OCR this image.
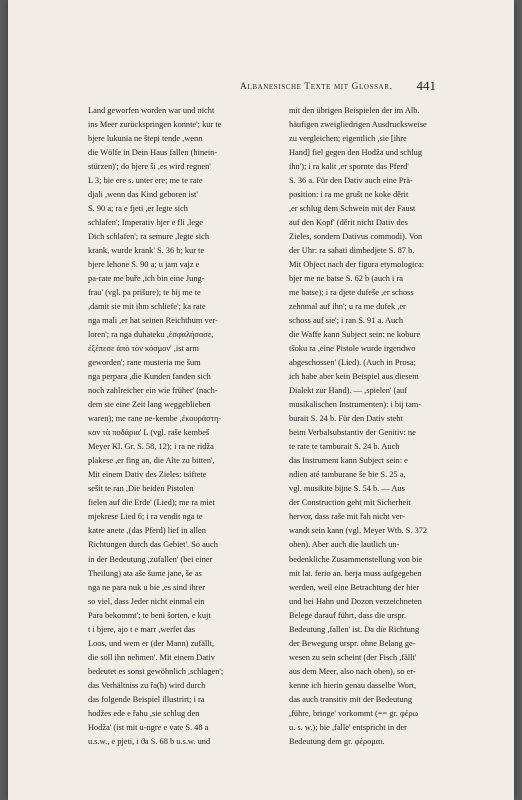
Albanesische Texte mit Glossar.	441
Land geworfen worden war und nicht
ins Meer zurückspringen konnte'; kur te
bjere lukunia ne štepi tende ,wenn
die Wölfe in Dein Haus fallen (hinein-
stürzen)'; do bjere ši ,es wird regnen'
L 3; bie ere s. unter ere; me te rate
djali ,wenn das Kind geboren ist'
S. 90 a; ra e fjeti ,er legte sich
schlafen'; Imperativ bjer e fli ,lege
Dich schlafen'; ra semure ,legte sich
krank, wurde krank' S. 36 b; kur te
bjere lehone S. 90 a; u jam vajz e
pa-rate me buře ,ich bin eine Jung-
frau' (vgl. pa prišure); te bij me te
,damit sie mit ihm schliefe'; ka rate
nga mali ,er hat seinen Reichthum ver-
loren'; ra nga duhateku ,ἐσφαλήσασε,
ἐξέπεσε ἀπὸ τὸν κόσμον' ,ist arm
geworden'; rane musteria me šum
nga perpara ,die Kunden fanden sich
noch zahlreicher ein wie früher' (nach-
dem sie eine Zeit lang weggeblieben
waren); me rane ne-kembe ,ἐκουράστη-
καν τὰ ποδάρια' L (vgl. raše kembeš
Meyer Kl. Gr. S. 58, 12); i ra ne ridža
plakese ,er fing an, die Alte zu bitten',
Mit einem Dativ des Zieles: tsiftete
sešit te ran ,Die beiden Pistolen
fielen auf die Erde' (Lied); me ra miet
mjekrese Lied 6; i ra vendit nga te
katre anete ,(das Pferd) lief in allen
Richtungen durch das Gebiet'. So auch
in der Bedeutung ,zufallen' (bei einer
Theilung) ata aše šume jane, še as
nga ne para nuk u bie ,es sind ihrer
so viel, dass Jeder nicht einmal ein
Para bekommt'; te beni šorten, e kujt
t i bjere, ajo t e marr ,werfet das
Loos, und wem er (der Mann) zufällt,
die soll ihn nehmen'. Mit einem Dativ
bedeutet es sonst gewöhnlich ,schlagen';
das Verhältniss zu řa(h) wird durch
das folgende Beispiel illustrirt; i ra
hodžes ede e řahu ,sie schlug den
Hodža' (ist mit u-ngre e vate S. 48 a
u.s.w., e pjeti, i ϑa S. 68 b u.s.w. und
mit den übrigen Beispielen der im Alb.
häufigen zweigliedrigen Ausdrucksweise
zu vergleichen; eigentlich ,sie [ihre
Hand] fiel gegen den Hodža und schlug
ihn'); i ra kalit ,er spornte das Pferd'
S. 36 a. Für den Dativ auch eine Prä-
position: i ra me grušt ne koke děrit
,er schlug dem Schwein mit der Faust
auf den Kopf' (děrit nicht Dativ des
Zieles, sondern Dativus commodi). Von
der Uhr: ra sahati dimbedjete S. 87 b.
Mit Object nach der figura etymologica:
bjer me ne batse S. 62 b (auch i ra
me batse); i ra djete dufeše ,er schoss
zehnmal auf ihn'; u ra me dufek ,er
schoss auf sie'; i ran S. 91 a. Auch
die Waffe kann Subject sein: ne kobure
tšoku ra ,eine Pistole wurde irgendwo
abgeschossen' (Lied). (Auch in Prosa;
ich habe aber kein Beispiel aus diesem
Dialekt zur Hand). — ,spielen' (auf
musikalischen Instrumenten): i bij tam-
burait S. 24 b. Für den Dativ steht
beim Verbalsubstantiv der Genitiv: ne
te rate te tamburait S. 24 b. Auch
das Instrument kann Subject sein: e
ndien até tamburane še bie S. 25 a,
vgl. musikite bijne S. 54 b. — Aus
der Construction geht mit Sicherheit
hervor, dass raše mit řah nicht ver-
wandt sein kann (vgl. Meyer Wtb. S. 372
oben). Aber auch die lautlich un-
bedenkliche Zusammenstellung von bie
mit lat. ferio an. berja muss aufgegeben
werden, weil eine Betrachtung der hier
und bei Hahn und Dozon verzeichneten
Belege darauf führt, dass die urspr.
Bedeutung ,fallen' ist. Da die Richtung
der Bewegung urspr. ohne Belang ge-
wesen zu sein scheint (der Fisch ,fällt'
aus dem Meer, also nach oben), so er-
kenne ich hierin genau dasselbe Wort,
das auch transitiv mit der Bedeutung
,führe, bringe' vorkommt (== gr. φέρω
u. s. w.); bie ,falle' entspricht in der
Bedeutung dem gr. φέρομαι.
